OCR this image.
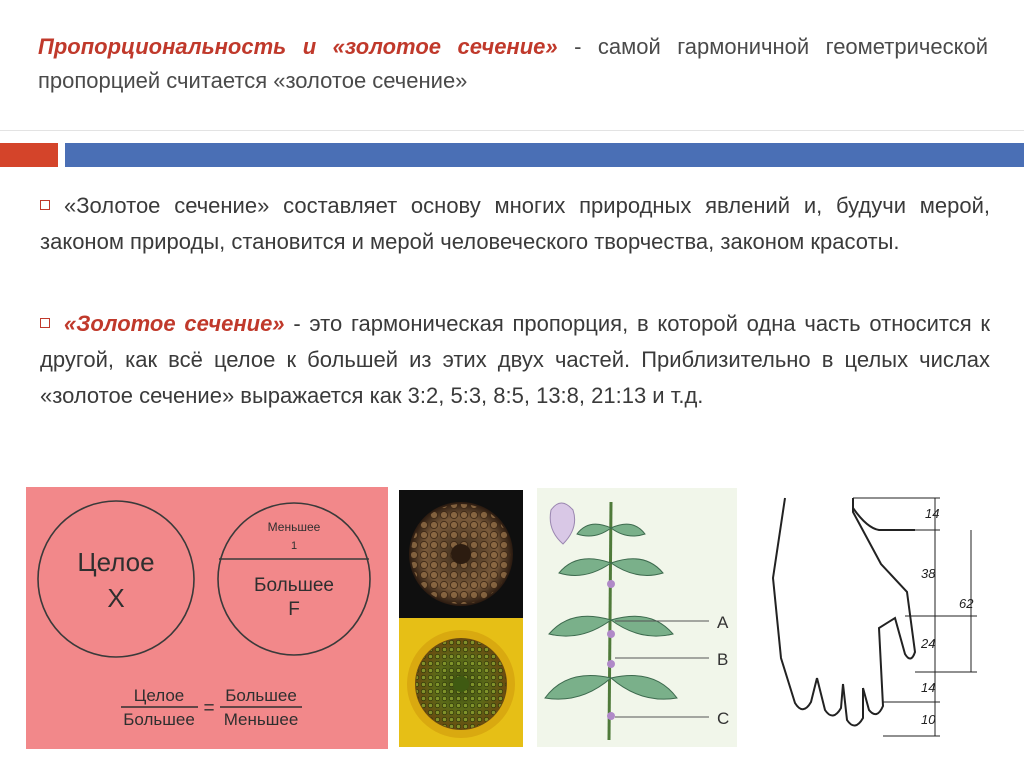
Пропорциональность и «золотое сечение» - самой гармоничной геометрической пропорцией считается «золотое сечение»
«Золотое сечение» составляет основу многих природных явлений и, будучи мерой, законом природы, становится и мерой человеческого творчества, законом красоты.
«Золотое сечение» - это гармоническая пропорция, в которой одна часть относится к другой, как всё целое к большей из этих двух частей. Приблизительно в целых числах «золотое сечение» выражается как 3:2, 5:3, 8:5, 13:8, 21:13 и т.д.
Целое
X
Меньшее
1
Большее
F
Целое
Большее
=
Большее
Меньшее
A
B
C
14
38
62
24
14
10
